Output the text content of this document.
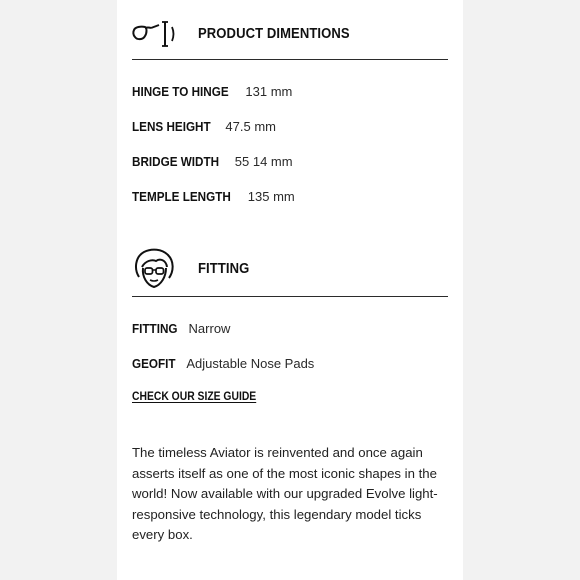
PRODUCT DIMENTIONS
HINGE TO HINGE 131 mm
LENS HEIGHT 47.5 mm
BRIDGE WIDTH 55 14 mm
TEMPLE LENGTH 135 mm
FITTING
FITTING Narrow
GEOFIT Adjustable Nose Pads
CHECK OUR SIZE GUIDE

The timeless Aviator is reinvented and once again asserts itself as one of the most iconic shapes in the world! Now available with our upgraded Evolve light-responsive technology, this legendary model ticks every box.
